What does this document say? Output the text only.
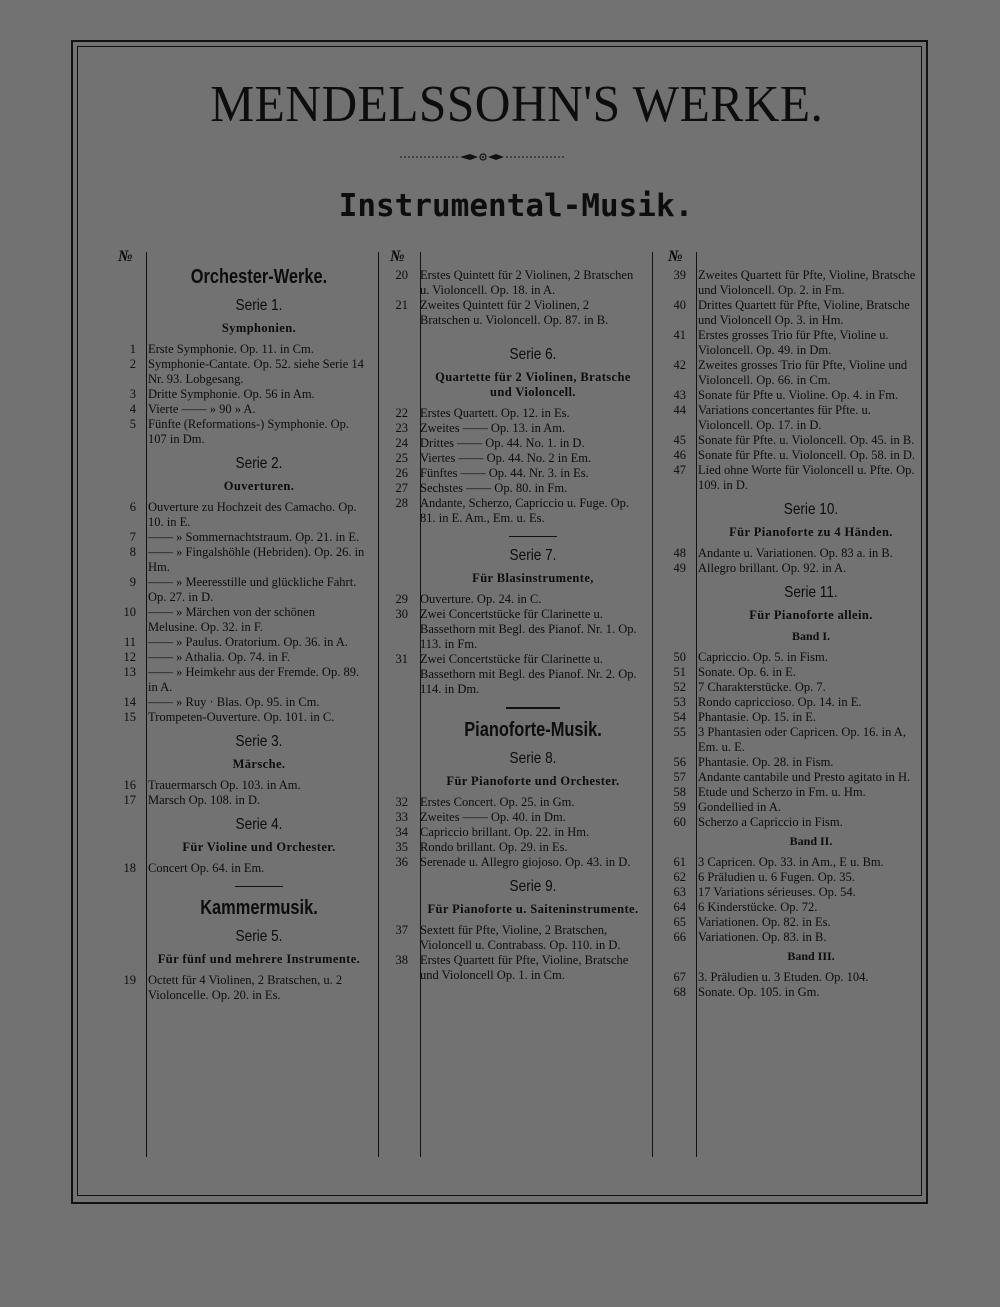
MENDELSSOHN'S WERKE.
Instrumental-Musik.
№
Orchester-Werke.
Serie 1.
Symphonien.
1 Erste Symphonie. Op. 11. in Cm.
2 Symphonie-Cantate. Op. 52. siehe Serie 14 Nr. 93. Lobgesang.
3 Dritte Symphonie. Op. 56 in Am.
4 Vierte —— » 90 » A.
5 Fünfte (Reformations-) Symphonie. Op. 107 in Dm.
Serie 2.
Ouverturen.
6 Ouverture zu Hochzeit des Camacho. Op. 10. in E.
7 —— » Sommernachtstraum. Op. 21. in E.
8 —— » Fingalshöhle (Hebriden). Op. 26. in Hm.
9 —— » Meeresstille und glückliche Fahrt. Op. 27. in D.
10 —— » Märchen von der schönen Melusine. Op. 32. in F.
11 —— » Paulus. Oratorium. Op. 36. in A.
12 —— » Athalia. Op. 74. in F.
13 —— » Heimkehr aus der Fremde. Op. 89. in A.
14 —— » Ruy · Blas. Op. 95. in Cm.
15 Trompeten-Ouverture. Op. 101. in C.
Serie 3.
Märsche.
16 Trauermarsch Op. 103. in Am.
17 Marsch Op. 108. in D.
Serie 4.
Für Violine und Orchester.
18 Concert Op. 64. in Em.
Kammermusik.
Serie 5.
Für fünf und mehrere Instrumente.
19 Octett für 4 Violinen, 2 Bratschen, u. 2 Violoncelle. Op. 20. in Es.
№
20 Erstes Quintett für 2 Violinen, 2 Bratschen u. Violoncell. Op. 18. in A.
21 Zweites Quintett für 2 Violinen, 2 Bratschen u. Violoncell. Op. 87. in B.
Serie 6.
Quartette für 2 Violinen, Bratsche und Violoncell.
22 Erstes Quartett. Op. 12. in Es.
23 Zweites —— Op. 13. in Am.
24 Drittes —— Op. 44. No. 1. in D.
25 Viertes —— Op. 44. No. 2 in Em.
26 Fünftes —— Op. 44. Nr. 3. in Es.
27 Sechstes —— Op. 80. in Fm.
28 Andante, Scherzo, Capriccio u. Fuge. Op. 81. in E. Am., Em. u. Es.
Serie 7.
Für Blasinstrumente,
29 Ouverture. Op. 24. in C.
30 Zwei Concertstücke für Clarinette u. Bassethorn mit Begl. des Pianof. Nr. 1. Op. 113. in Fm.
31 Zwei Concertstücke für Clarinette u. Bassethorn mit Begl. des Pianof. Nr. 2. Op. 114. in Dm.
Pianoforte-Musik.
Serie 8.
Für Pianoforte und Orchester.
32 Erstes Concert. Op. 25. in Gm.
33 Zweites —— Op. 40. in Dm.
34 Capriccio brillant. Op. 22. in Hm.
35 Rondo brillant. Op. 29. in Es.
36 Serenade u. Allegro giojoso. Op. 43. in D.
Serie 9.
Für Pianoforte u. Saiteninstrumente.
37 Sextett für Pfte, Violine, 2 Bratschen, Violoncell u. Contrabass. Op. 110. in D.
38 Erstes Quartett für Pfte, Violine, Bratsche und Violoncell Op. 1. in Cm.
№
39 Zweites Quartett für Pfte, Violine, Bratsche und Violoncell. Op. 2. in Fm.
40 Drittes Quartett für Pfte, Violine, Bratsche und Violoncell Op. 3. in Hm.
41 Erstes grosses Trio für Pfte, Violine u. Violoncell. Op. 49. in Dm.
42 Zweites grosses Trio für Pfte, Violine und Violoncell. Op. 66. in Cm.
43 Sonate für Pfte u. Violine. Op. 4. in Fm.
44 Variations concertantes für Pfte. u. Violoncell. Op. 17. in D.
45 Sonate für Pfte. u. Violoncell. Op. 45. in B.
46 Sonate für Pfte. u. Violoncell. Op. 58. in D.
47 Lied ohne Worte für Violoncell u. Pfte. Op. 109. in D.
Serie 10.
Für Pianoforte zu 4 Händen.
48 Andante u. Variationen. Op. 83 a. in B.
49 Allegro brillant. Op. 92. in A.
Serie 11.
Für Pianoforte allein.
Band I.
50 Capriccio. Op. 5. in Fism.
51 Sonate. Op. 6. in E.
52 7 Charakterstücke. Op. 7.
53 Rondo capriccioso. Op. 14. in E.
54 Phantasie. Op. 15. in E.
55 3 Phantasien oder Capricen. Op. 16. in A, Em. u. E.
56 Phantasie. Op. 28. in Fism.
57 Andante cantabile und Presto agitato in H.
58 Etude und Scherzo in Fm. u. Hm.
59 Gondellied in A.
60 Scherzo a Capriccio in Fism.
Band II.
61 3 Capricen. Op. 33. in Am., E u. Bm.
62 6 Präludien u. 6 Fugen. Op. 35.
63 17 Variations sérieuses. Op. 54.
64 6 Kinderstücke. Op. 72.
65 Variationen. Op. 82. in Es.
66 Variationen. Op. 83. in B.
Band III.
67 3. Präludien u. 3 Etuden. Op. 104.
68 Sonate. Op. 105. in Gm.
